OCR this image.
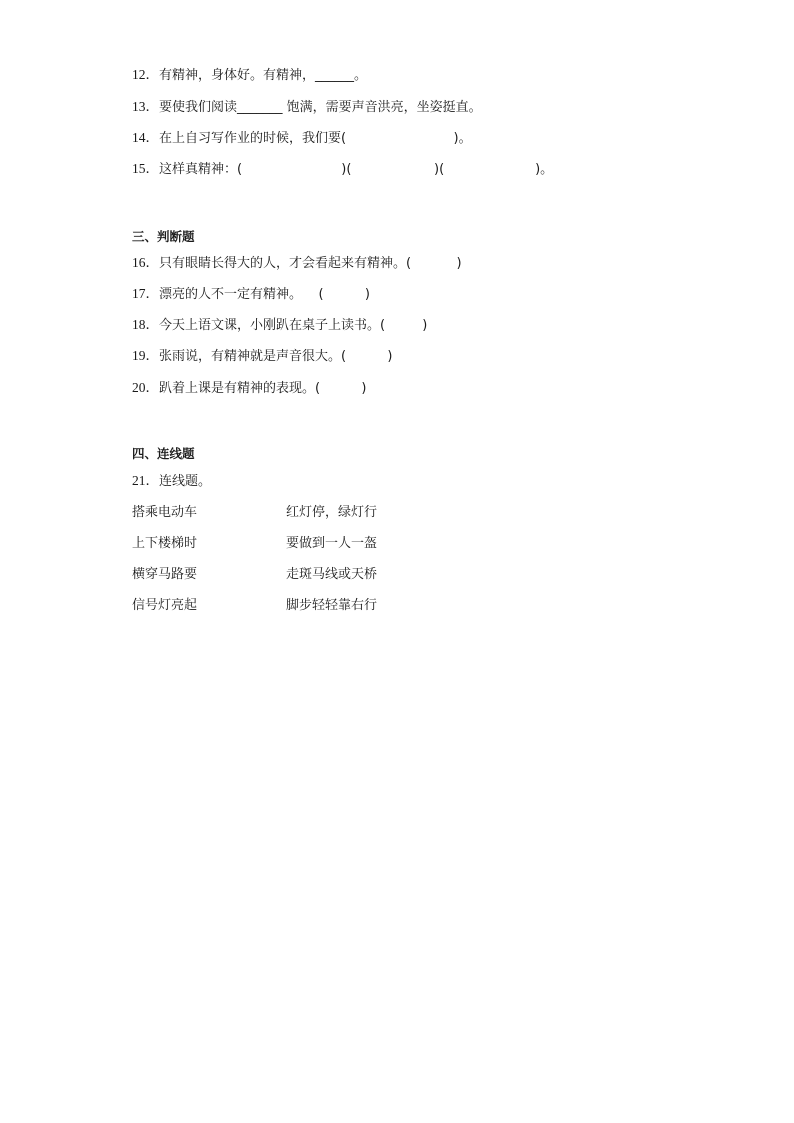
12．有精神，身体好。有精神，______。
13．要使我们阅读_______ 饱满，需要声音洪亮，坐姿挺直。
14．在上自习写作业的时候，我们要(                          )。
15．这样真精神：(                        )(                    )(                      )。
三、判断题
16．只有眼睛长得大的人，才会看起来有精神。(           )
17．漂亮的人不一定有精神。    (          )
18．今天上语文课，小刚趴在桌子上读书。(         )
19．张雨说，有精神就是声音很大。(          )
20．趴着上课是有精神的表现。(          )
四、连线题
21．连线题。
搭乘电动车
上下楼梯时
横穿马路要
信号灯亮起
红灯停，绿灯行
要做到一人一盔
走斑马线或天桥
脚步轻轻靠右行
